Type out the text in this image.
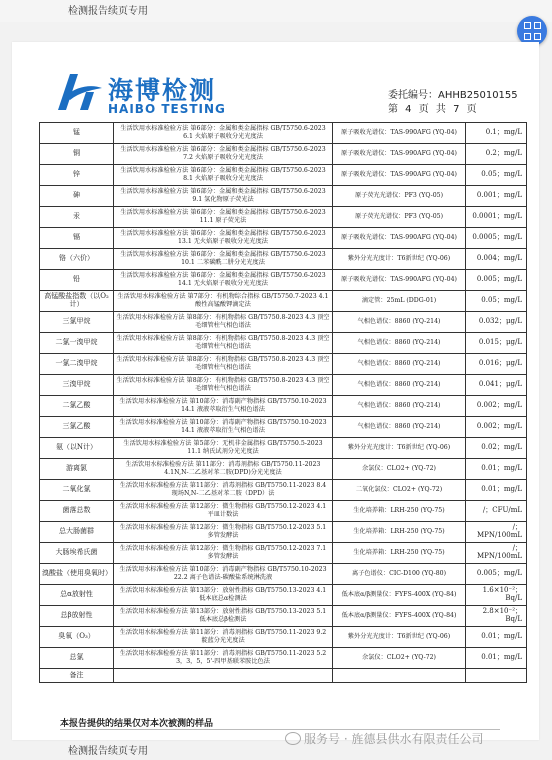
检测报告续页专用
海博检测
HAIBO TESTING
委托编号：AHHB25010155
第 4 页 共 7 页
锰	生活饮用水标准检验方法 第6部分：金属和类金属指标 GB/T5750.6-2023 6.1 火焰原子吸收分光光度法	原子吸收光谱仪：TAS-990AFG (YQ-04)	0.1；mg/L
铜	生活饮用水标准检验方法 第6部分：金属和类金属指标 GB/T5750.6-2023 7.2 火焰原子吸收分光光度法	原子吸收光谱仪：TAS-990AFG (YQ-04)	0.2；mg/L
锌	生活饮用水标准检验方法 第6部分：金属和类金属指标 GB/T5750.6-2023 8.1 火焰原子吸收分光光度法	原子吸收光谱仪：TAS-990AFG (YQ-04)	0.05；mg/L
砷	生活饮用水标准检验方法 第6部分：金属和类金属指标 GB/T5750.6-2023 9.1 氢化物原子荧光法	原子荧光光谱仪：PF3 (YQ-05)	0.001；mg/L
汞	生活饮用水标准检验方法 第6部分：金属和类金属指标 GB/T5750.6-2023 11.1 原子荧光法	原子荧光光谱仪：PF3 (YQ-05)	0.0001；mg/L
镉	生活饮用水标准检验方法 第6部分：金属和类金属指标 GB/T5750.6-2023 13.1 无火焰原子吸收分光光度法	原子吸收光谱仪：TAS-990AFG (YQ-04)	0.0005；mg/L
铬（六价）	生活饮用水标准检验方法 第6部分：金属和类金属指标 GB/T5750.6-2023 10.1 二苯碳酰二肼分光光度法	紫外分光光度计：T6新世纪 (YQ-06)	0.004；mg/L
铅	生活饮用水标准检验方法 第6部分：金属和类金属指标 GB/T5750.6-2023 14.1 无火焰原子吸收分光光度法	原子吸收光谱仪：TAS-990AFG (YQ-04)	0.005；mg/L
高锰酸盐指数（以O₂计）	生活饮用水标准检验方法 第7部分：有机物综合指标 GB/T5750.7-2023 4.1 酸性高锰酸钾滴定法	滴定管：25mL (DDG-01)	0.05；mg/L
三氯甲烷	生活饮用水标准检验方法 第8部分：有机物指标 GB/T5750.8-2023 4.3 顶空毛细管柱气相色谱法	气相色谱仪：8860 (YQ-214)	0.032；μg/L
二氯一溴甲烷	生活饮用水标准检验方法 第8部分：有机物指标 GB/T5750.8-2023 4.3 顶空毛细管柱气相色谱法	气相色谱仪：8860 (YQ-214)	0.015；μg/L
一氯二溴甲烷	生活饮用水标准检验方法 第8部分：有机物指标 GB/T5750.8-2023 4.3 顶空毛细管柱气相色谱法	气相色谱仪：8860 (YQ-214)	0.016；μg/L
三溴甲烷	生活饮用水标准检验方法 第8部分：有机物指标 GB/T5750.8-2023 4.3 顶空毛细管柱气相色谱法	气相色谱仪：8860 (YQ-214)	0.041；μg/L
二氯乙酸	生活饮用水标准检验方法 第10部分：消毒副产物指标 GB/T5750.10-2023 14.1 液液萃取衍生气相色谱法	气相色谱仪：8860 (YQ-214)	0.002；mg/L
三氯乙酸	生活饮用水标准检验方法 第10部分：消毒副产物指标 GB/T5750.10-2023 14.1 液液萃取衍生气相色谱法	气相色谱仪：8860 (YQ-214)	0.002；mg/L
氨（以N计）	生活饮用水标准检验方法 第5部分：无机非金属指标 GB/T5750.5-2023 11.1 纳氏试剂分光光度法	紫外分光光度计：T6新世纪 (YQ-06)	0.02；mg/L
游离氯	生活饮用水标准检验方法 第11部分：消毒剂指标 GB/T5750.11-2023 4.1N,N-二乙基对苯二胺(DPD)分光光度法	余氯仪：CLO2+ (YQ-72)	0.01；mg/L
二氧化氯	生活饮用水标准检验方法 第11部分：消毒剂指标 GB/T5750.11-2023 8.4 现场N,N-二乙基对苯二胺（DPD）法	二氧化氯仪：CLO2+ (YQ-72)	0.01；mg/L
菌落总数	生活饮用水标准检验方法 第12部分：微生物指标 GB/T5750.12-2023 4.1 平皿计数法	生化培养箱：LRH-250 (YQ-75)	/；CFU/mL
总大肠菌群	生活饮用水标准检验方法 第12部分：微生物指标 GB/T5750.12-2023 5.1 多管发酵法	生化培养箱：LRH-250 (YQ-75)	/；MPN/100mL
大肠埃希氏菌	生活饮用水标准检验方法 第12部分：微生物指标 GB/T5750.12-2023 7.1 多管发酵法	生化培养箱：LRH-250 (YQ-75)	/；MPN/100mL
溴酸盐（使用臭氧时）	生活饮用水标准检验方法 第10部分：消毒副产物指标 GB/T5750.10-2023 22.2 离子色谱法-碳酸盐系统淋洗液	离子色谱仪：CIC-D100 (YQ-80)	0.005；mg/L
总α放射性	生活饮用水标准检验方法 第13部分：放射性指标 GB/T5750.13-2023 4.1 低本底总α检测法	低本底α/β测量仪：FYFS-400X (YQ-84)	1.6×10⁻²；Bq/L
总β放射性	生活饮用水标准检验方法 第13部分：放射性指标 GB/T5750.13-2023 5.1 低本底总β检测法	低本底α/β测量仪：FYFS-400X (YQ-84)	2.8×10⁻²；Bq/L
臭氧（O₃）	生活饮用水标准检验方法 第11部分：消毒剂指标 GB/T5750.11-2023 9.2 靛蓝分光光度法	紫外分光光度计：T6新世纪 (YQ-06)	0.01；mg/L
总氯	生活饮用水标准检验方法 第11部分：消毒剂指标 GB/T5750.11-2023 5.2 3，3，5，5'-四甲基联苯胺比色法	余氯仪：CLO2+ (YQ-72)	0.01；mg/L
备注			
本报告提供的结果仅对本次被测的样品
检测报告续页专用
服务号 · 旌德县供水有限责任公司
